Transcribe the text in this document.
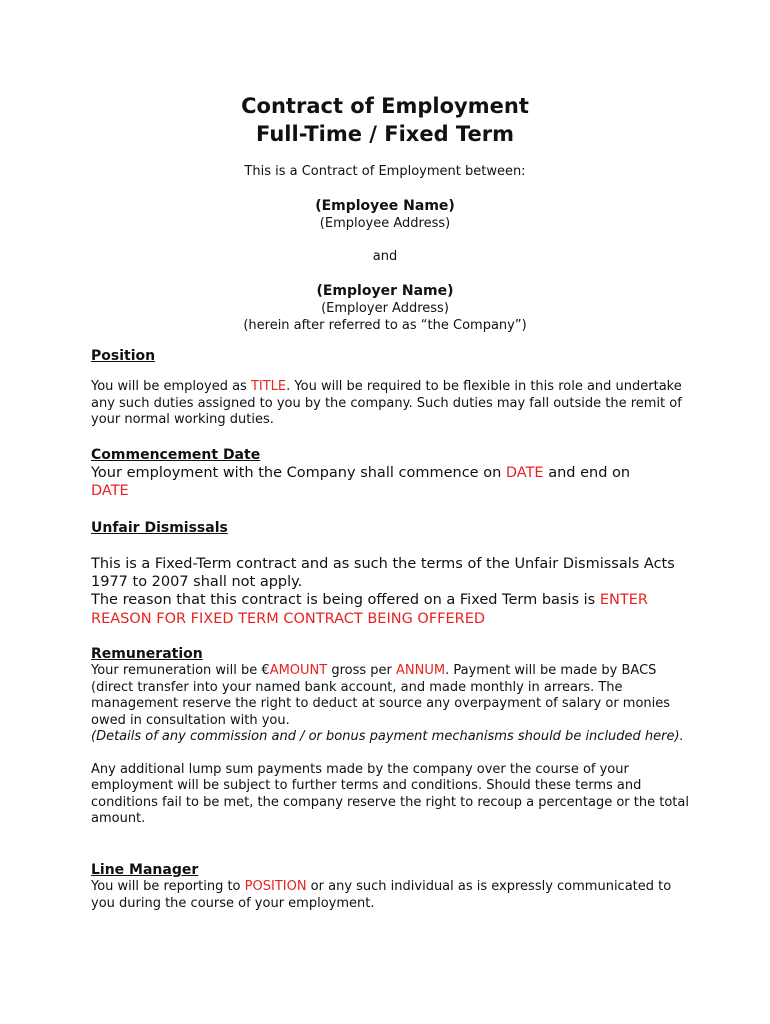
Contract of Employment
Full-Time / Fixed Term
This is a Contract of Employment between:
(Employee Name)
(Employee Address)
and
(Employer Name)
(Employer Address)
(herein after referred to as “the Company”)
Position

You will be employed as TITLE. You will be required to be flexible in this role and undertake any such duties assigned to you by the company. Such duties may fall outside the remit of your normal working duties.

Commencement Date

Your employment with the Company shall commence on DATE and end on
DATE

Unfair Dismissals

This is a Fixed-Term contract and as such the terms of the Unfair Dismissals Acts 1977 to 2007 shall not apply.

The reason that this contract is being offered on a Fixed Term basis is ENTER REASON FOR FIXED TERM CONTRACT BEING OFFERED

Remuneration

Your remuneration will be €AMOUNT gross per ANNUM. Payment will be made by BACS (direct transfer into your named bank account, and made monthly in arrears. The management reserve the right to deduct at source any overpayment of salary or monies owed in consultation with you.

(Details of any commission and / or bonus payment mechanisms should be included here).

Any additional lump sum payments made by the company over the course of your employment will be subject to further terms and conditions. Should these terms and conditions fail to be met, the company reserve the right to recoup a percentage or the total amount.

Line Manager

You will be reporting to POSITION or any such individual as is expressly communicated to you during the course of your employment.
